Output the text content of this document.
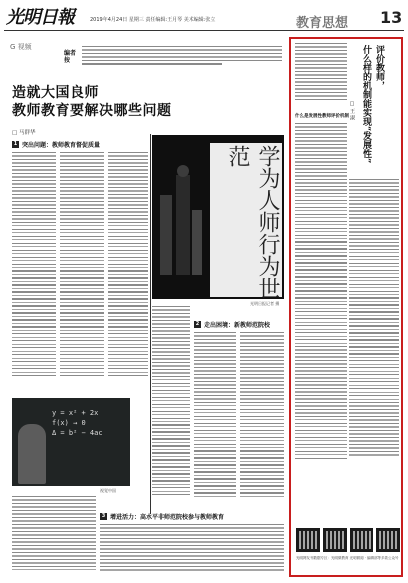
光明日報	2019年4月24日 星期三 责任编辑:王月琴 美术编辑:张立	教育思想 13
G 视频
编者按
造就大国良师
教师教育要解决哪些问题
□ 马群华
1 突出问题：教师教育督促质量	学为人师行为世范
光明日报记者 摄
2 走出困境：新教师范院校
y = x² + 2x
f(x) → 0
Δ = b² − 4ac
视觉中国
3 增进活力：高水平非师范院校参与教师教育
评价教师，
什么样的机制能实现“发展性”
□ 王 淑
什么是发展性教师评价机制
光明网友刊数据专区：光明微教育 光明微阅 · 编辑部等多款公众号
